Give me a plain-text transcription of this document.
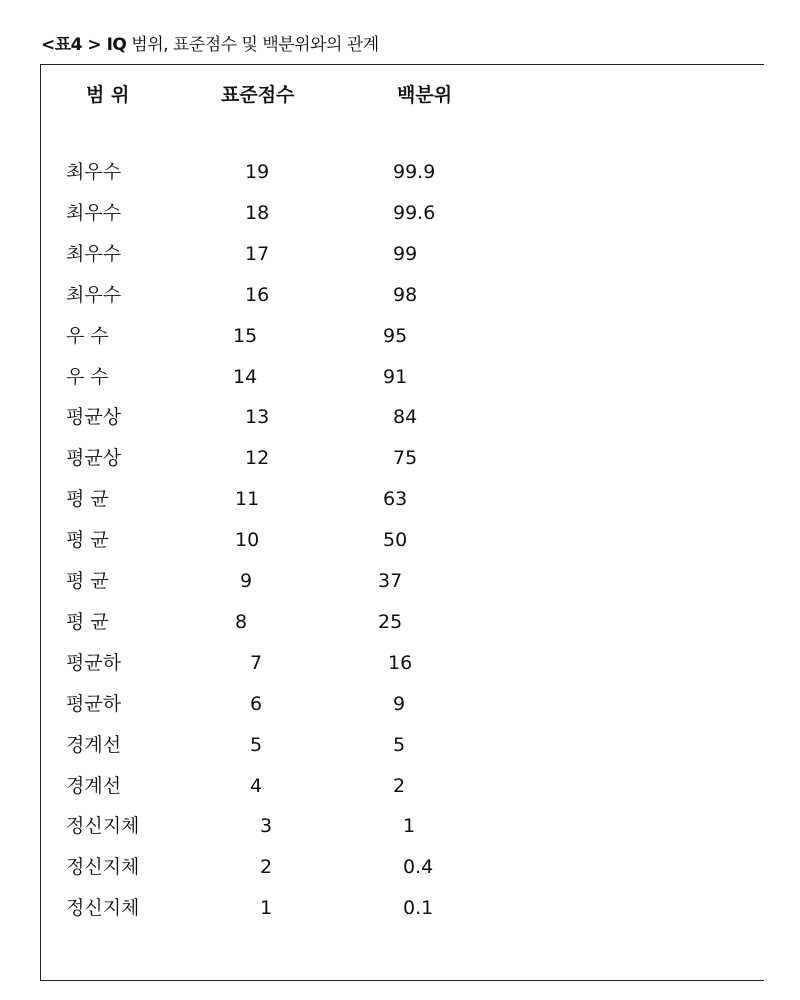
<표4 > IQ 범위, 표준점수 및 백분위와의 관계
범 위	표준점수	백분위
최우수	19	99.9
최우수	18	99.6
최우수	17	99
최우수	16	98
우 수	15	95
우 수	14	91
평균상	13	84
평균상	12	75
평 균	11	63
평 균	10	50
평 균	9	37
평 균	8	25
평균하	7	16
평균하	6	9
경계선	5	5
경계선	4	2
정신지체	3	1
정신지체	2	0.4
정신지체	1	0.1
